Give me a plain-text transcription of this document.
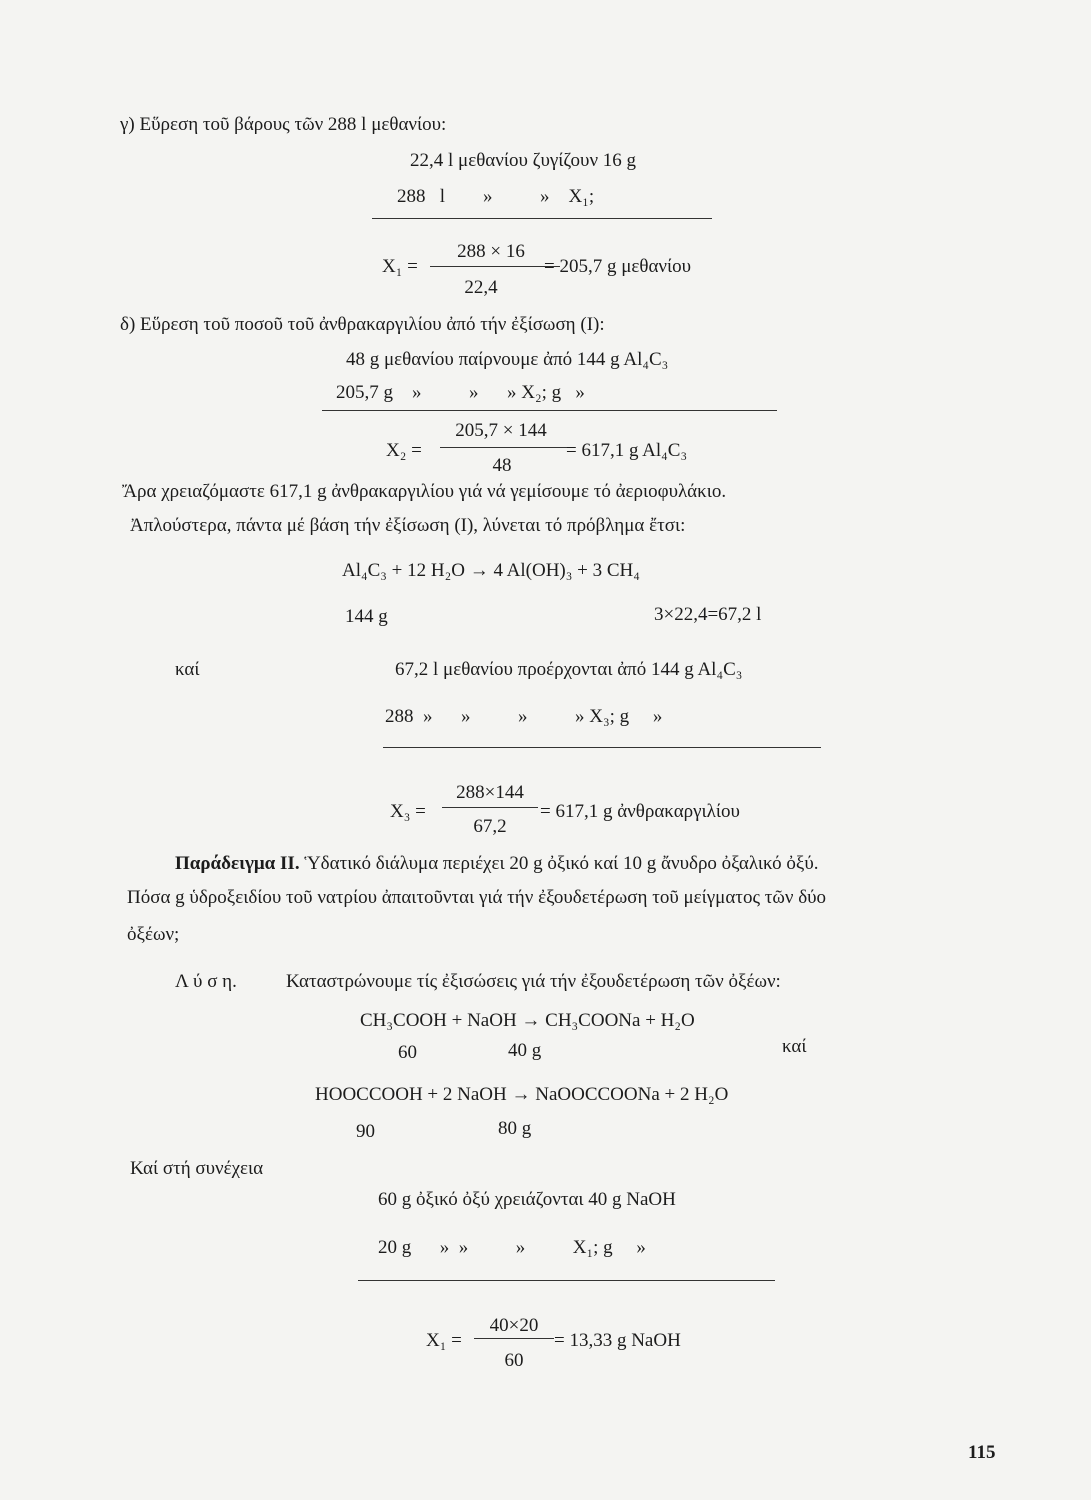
γ) Εὕρεση τοῦ βάρους τῶν 288 l μεθανίου:
22,4 l μεθανίου ζυγίζουν 16 g
288   l        »          »    X₁;
X₁ =
288 × 16
22,4
= 205,7 g μεθανίου
δ) Εὕρεση τοῦ ποσοῦ τοῦ ἀνθρακαργιλίου ἀπό τήν ἐξίσωση (I):
48 g μεθανίου παίρνουμε ἀπό 144 g Al₄C₃
205,7 g    »          »      » X₂; g   »
X₂ =
205,7 × 144
48
= 617,1 g Al₄C₃
Ἄρα χρειαζόμαστε 617,1 g ἀνθρακαργιλίου γιά νά γεμίσουμε τό ἀεριοφυλάκιο.
Ἀπλούστερα, πάντα μέ βάση τήν ἐξίσωση (I), λύνεται τό πρόβλημα ἔτσι:
Al₄C₃ + 12 H₂O → 4 Al(OH)₃ + 3 CH₄
144 g	3×22,4=67,2 l
καί	67,2 l μεθανίου προέρχονται ἀπό 144 g Al₄C₃
288  »      »          »          » X₃; g     »
X₃ =
288×144
67,2
= 617,1 g ἀνθρακαργιλίου
Παράδειγμα II. Ὑδατικό διάλυμα περιέχει 20 g ὀξικό καί 10 g ἄνυδρο ὀξαλικό ὀξύ.
Πόσα g ὑδροξειδίου τοῦ νατρίου ἀπαιτοῦνται γιά τήν ἐξουδετέρωση τοῦ μείγματος τῶν δύο
ὀξέων;
Λ ύ σ η.	Καταστρώνουμε τίς ἐξισώσεις γιά τήν ἐξουδετέρωση τῶν ὀξέων:
CH₃COOH + NaOH → CH₃COONa + H₂O
60	40 g	καί
HOOCCOOH + 2 NaOH → NaOOCCOONa + 2 H₂O
90	80 g
Καί στή συνέχεια
60 g ὀξικό ὀξύ χρειάζονται 40 g NaOH
20 g      »  »          »          X₁; g     »
X₁ =
40×20
60
= 13,33 g NaOH
115
